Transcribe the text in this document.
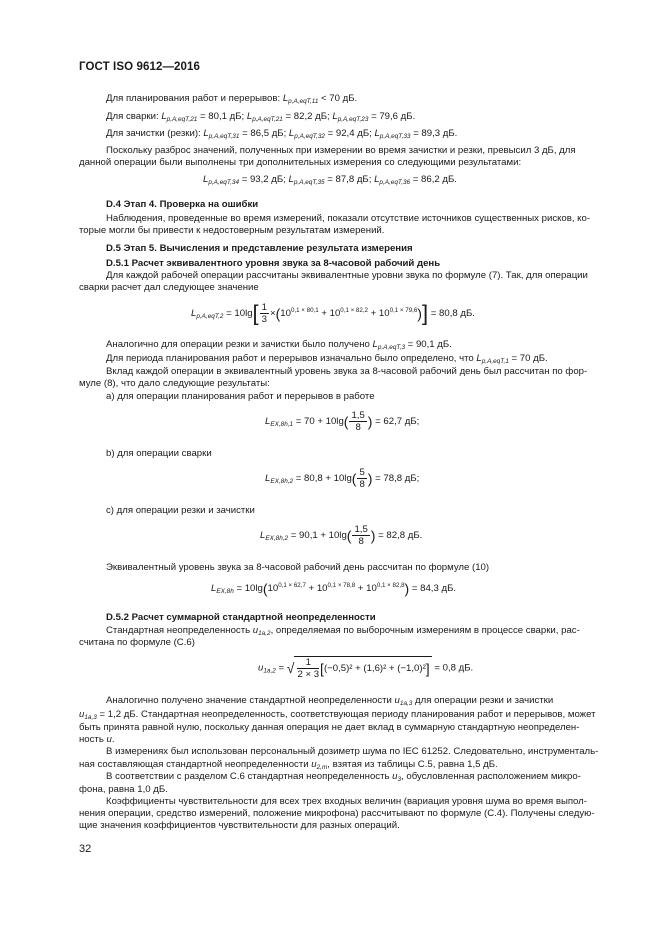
ГОСТ ISO 9612—2016
Для планирования работ и перерывов: $L_{p,A,eqT,11} < 70$ дБ.
Для сварки: $L_{p,A,eqT,21} = 80,1$ дБ; $L_{p,A,eqT,21} = 82,2$ дБ; $L_{p,A,eqT,23} = 79,6$ дБ.
Для зачистки (резки): $L_{p,A,eqT,31} = 86,5$ дБ; $L_{p,A,eqT,32} = 92,4$ дБ; $L_{p,A,eqT,33} = 89,3$ дБ.
Поскольку разброс значений, полученных при измерении во время зачистки и резки, превысил 3 дБ, для
данной операции были выполнены три дополнительных измерения со следующими результатами:
$L_{p,A,eqT,34} = 93,2$ дБ; $L_{p,A,eqT,35} = 87,8$ дБ; $L_{p,A,eqT,36} = 86,2$ дБ.
D.4 Этап 4. Проверка на ошибки
Наблюдения, проведенные во время измерений, показали отсутствие источников существенных рисков, ко-
торые могли бы привести к недостоверным результатам измерений.
D.5 Этап 5. Вычисления и представление результата измерения
D.5.1 Расчет эквивалентного уровня звука за 8-часовой рабочий день
Для каждой рабочей операции рассчитаны эквивалентные уровни звука по формуле (7). Так, для операции
сварки расчет дал следующее значение
$L_{p,A,eqT,2} = 10\lg[ \frac{1}{3} \times(10^{0,1 \times 80,1} + 10^{0,1 \times 82,2} + 10^{0,1 \times 79,6})] = 80,8$ дБ.
Аналогично для операции резки и зачистки было получено $L_{p,A,eqT,3} = 90,1$ дБ.
Для периода планирования работ и перерывов изначально было определено, что $L_{p,A,eqT,1} = 70$ дБ.
Вклад каждой операции в эквивалентный уровень звука за 8-часовой рабочий день был рассчитан по фор-
муле (8), что дало следующие результаты:
а) для операции планирования работ и перерывов в работе
$L_{EX,8h,1} = 70 + 10\lg( \frac{1,5}{8}$ ) = 62,7 дБ;
b) для операции сварки
$L_{EX,8h,2} = 80,8 + 10\lg( \frac{5}{8}$ ) = 78,8 дБ;
c) для операции резки и зачистки
$L_{EX,8h,2} = 90,1 + 10\lg( \frac{1,5}{8}$ ) = 82,8 дБ.
Эквивалентный уровень звука за 8-часовой рабочий день рассчитан по формуле (10)
$L_{EX,8h} = 10\lg(10^{0,1 \times 62,7} + 10^{0,1 \times 78,8} + 10^{0,1 \times 82,8}) = 84,3$ дБ.
D.5.2 Расчет суммарной стандартной неопределенности
Стандартная неопределенность $u_{1a,2}$, определяемая по выборочным измерениям в процессе сварки, рас-
считана по формуле (С.6)
$u_{1a,2}$ = √ $\frac{1}{2 \times 3} [(-0,5)^2 + (1,6)^2 + (-1,0)^2] = 0,8$ дБ.
Аналогично получено значение стандартной неопределенности $u_{1a,3}$ для операции резки и зачистки
$u_{1a,3} = 1,2$ дБ. Стандартная неопределенность, соответствующая периоду планирования работ и перерывов, может
быть принята равной нулю, поскольку данная операция не дает вклад в суммарную стандартную неопределен-
ность u.
В измерениях был использован персональный дозиметр шума по IEC 61252. Следовательно, инструменталь-
ная составляющая стандартной неопределенности $u_{2,m}$, взятая из таблицы С.5, равна 1,5 дБ.
В соответствии с разделом С.6 стандартная неопределенность $u_3$, обусловленная расположением микро-
фона, равна 1,0 дБ.
Коэффициенты чувствительности для всех трех входных величин (вариация уровня шума во время выпол-
нения операции, средство измерений, положение микрофона) рассчитывают по формуле (С.4). Получены следую-
щие значения коэффициентов чувствительности для разных операций.
32
